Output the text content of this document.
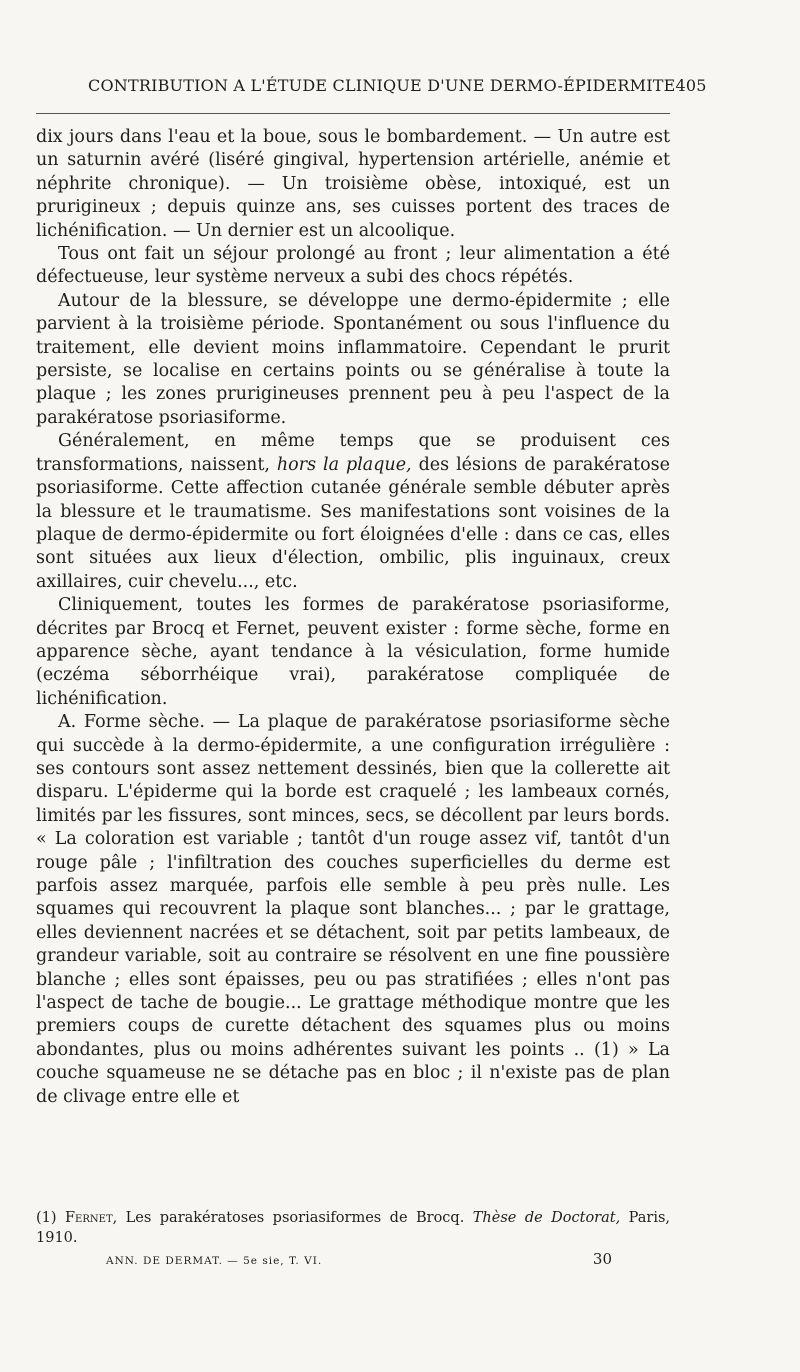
CONTRIBUTION A L'ÉTUDE CLINIQUE D'UNE DERMO-ÉPIDERMITE 405

dix jours dans l'eau et la boue, sous le bombardement. — Un autre est un saturnin avéré (liséré gingival, hypertension artérielle, anémie et néphrite chronique). — Un troisième obèse, intoxiqué, est un prurigineux ; depuis quinze ans, ses cuisses portent des traces de lichénification. — Un dernier est un alcoolique.

Tous ont fait un séjour prolongé au front ; leur alimentation a été défectueuse, leur système nerveux a subi des chocs répétés.

Autour de la blessure, se développe une dermo-épidermite ; elle parvient à la troisième période. Spontanément ou sous l'influence du traitement, elle devient moins inflammatoire. Cependant le prurit persiste, se localise en certains points ou se généralise à toute la plaque ; les zones prurigineuses prennent peu à peu l'aspect de la parakératose psoriasiforme.

Généralement, en même temps que se produisent ces transformations, naissent, hors la plaque, des lésions de parakératose psoriasiforme. Cette affection cutanée générale semble débuter après la blessure et le traumatisme. Ses manifestations sont voisines de la plaque de dermo-épidermite ou fort éloignées d'elle : dans ce cas, elles sont situées aux lieux d'élection, ombilic, plis inguinaux, creux axillaires, cuir chevelu..., etc.

Cliniquement, toutes les formes de parakératose psoriasiforme, décrites par Brocq et Fernet, peuvent exister : forme sèche, forme en apparence sèche, ayant tendance à la vésiculation, forme humide (eczéma séborrhéique vrai), parakératose compliquée de lichénification.

A. Forme sèche. — La plaque de parakératose psoriasiforme sèche qui succède à la dermo-épidermite, a une configuration irrégulière : ses contours sont assez nettement dessinés, bien que la collerette ait disparu. L'épiderme qui la borde est craquelé ; les lambeaux cornés, limités par les fissures, sont minces, secs, se décollent par leurs bords. « La coloration est variable ; tantôt d'un rouge assez vif, tantôt d'un rouge pâle ; l'infiltration des couches superficielles du derme est parfois assez marquée, parfois elle semble à peu près nulle. Les squames qui recouvrent la plaque sont blanches... ; par le grattage, elles deviennent nacrées et se détachent, soit par petits lambeaux, de grandeur variable, soit au contraire se résolvent en une fine poussière blanche ; elles sont épaisses, peu ou pas stratifiées ; elles n'ont pas l'aspect de tache de bougie... Le grattage méthodique montre que les premiers coups de curette détachent des squames plus ou moins abondantes, plus ou moins adhérentes suivant les points .. (1) » La couche squameuse ne se détache pas en bloc ; il n'existe pas de plan de clivage entre elle et

(1) Fernet, Les parakératoses psoriasiformes de Brocq. Thèse de Doctorat, Paris, 1910.
ANN. DE DERMAT. — 5e sie, T. VI.	30
